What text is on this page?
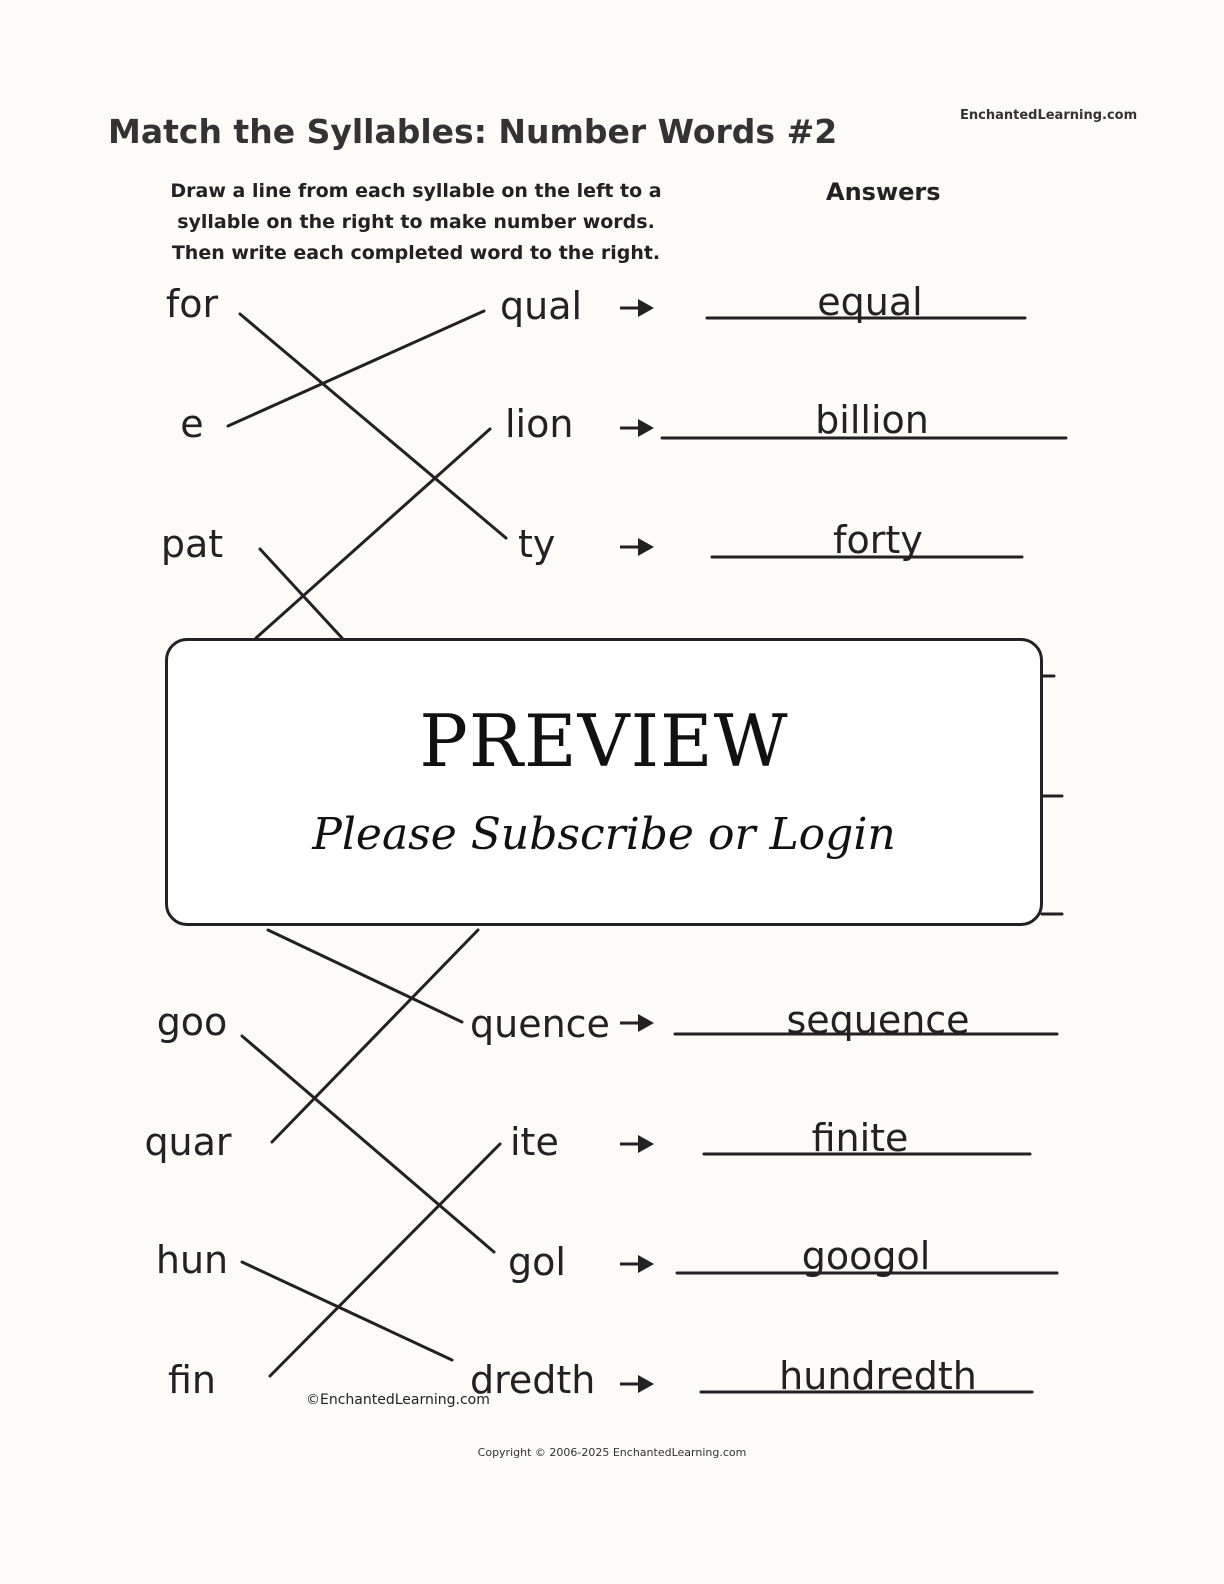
Match the Syllables: Number Words #2	EnchantedLearning.com
Draw a line from each syllable on the left to a
syllable on the right to make number words.
Then write each completed word to the right.
Answers
for
e
pat
qual
lion
ty
equal
billion
forty
goo
quar
hun
fin
quence
ite
gol
dredth
sequence
finite
googol
hundredth
©EnchantedLearning.com
PREVIEW
Please Subscribe or Login
Copyright © 2006-2025 EnchantedLearning.com
